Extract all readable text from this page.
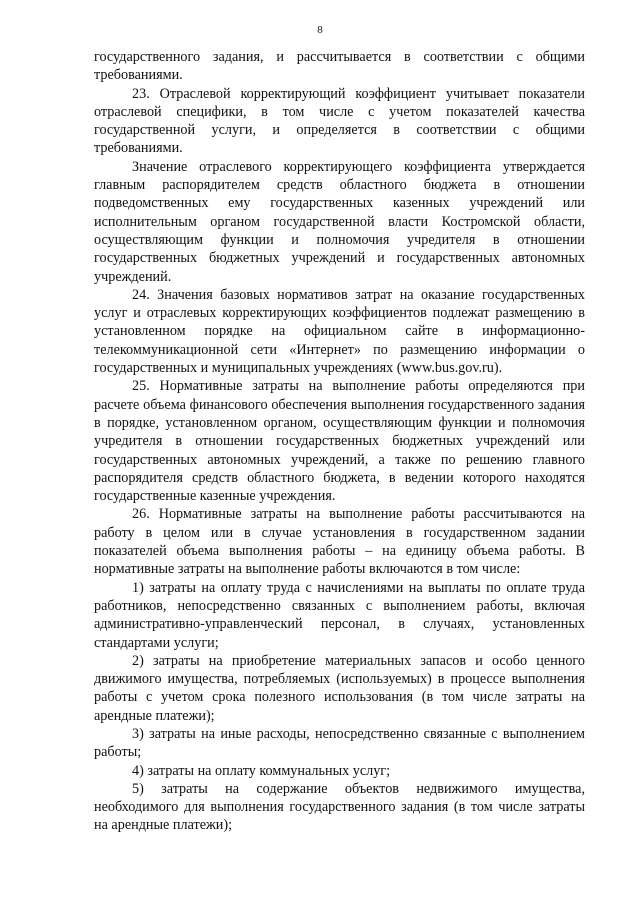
8

государственного задания, и рассчитывается в соответствии с общими требованиями.

23. Отраслевой корректирующий коэффициент учитывает показатели отраслевой специфики, в том числе с учетом показателей качества государственной услуги, и определяется в соответствии с общими требованиями.

Значение отраслевого корректирующего коэффициента утверждается главным распорядителем средств областного бюджета в отношении подведомственных ему государственных казенных учреждений или исполнительным органом государственной власти Костромской области, осуществляющим функции и полномочия учредителя в отношении государственных бюджетных учреждений и государственных автономных учреждений.

24. Значения базовых нормативов затрат на оказание государственных услуг и отраслевых корректирующих коэффициентов подлежат размещению в установленном порядке на официальном сайте в информационно-телекоммуникационной сети «Интернет» по размещению информации о государственных и муниципальных учреждениях (www.bus.gov.ru).

25. Нормативные затраты на выполнение работы определяются при расчете объема финансового обеспечения выполнения государственного задания в порядке, установленном органом, осуществляющим функции и полномочия учредителя в отношении государственных бюджетных учреждений или государственных автономных учреждений, а также по решению главного распорядителя средств областного бюджета, в ведении которого находятся государственные казенные учреждения.

26. Нормативные затраты на выполнение работы рассчитываются на работу в целом или в случае установления в государственном задании показателей объема выполнения работы – на единицу объема работы. В нормативные затраты на выполнение работы включаются в том числе:

1) затраты на оплату труда с начислениями на выплаты по оплате труда работников, непосредственно связанных с выполнением работы, включая административно-управленческий персонал, в случаях, установленных стандартами услуги;

2) затраты на приобретение материальных запасов и особо ценного движимого имущества, потребляемых (используемых) в процессе выполнения работы с учетом срока полезного использования (в том числе затраты на арендные платежи);

3) затраты на иные расходы, непосредственно связанные с выполнением работы;

4) затраты на оплату коммунальных услуг;

5) затраты на содержание объектов недвижимого имущества, необходимого для выполнения государственного задания (в том числе затраты на арендные платежи);
